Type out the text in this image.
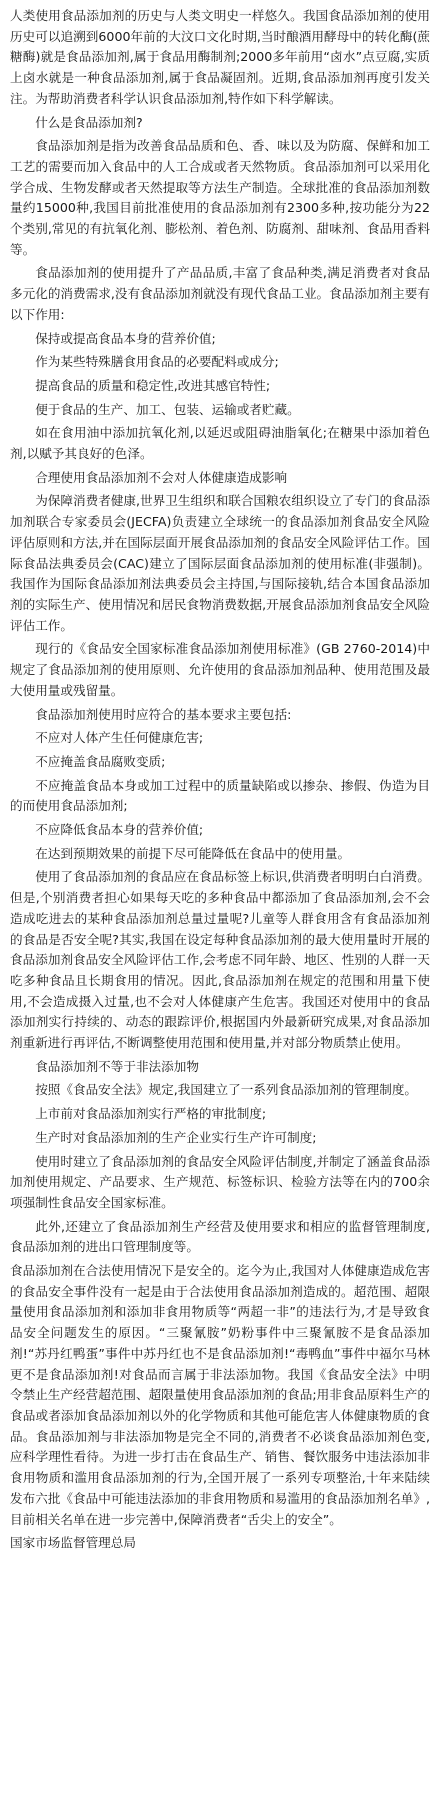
人类使用食品添加剂的历史与人类文明史一样悠久。我国食品添加剂的使用历史可以追溯到6000年前的大汶口文化时期,当时酿酒用酵母中的转化酶(蔗糖酶)就是食品添加剂,属于食品用酶制剂;2000多年前用“卤水”点豆腐,实质上卤水就是一种食品添加剂,属于食品凝固剂。近期,食品添加剂再度引发关注。为帮助消费者科学认识食品添加剂,特作如下科学解读。

什么是食品添加剂?

食品添加剂是指为改善食品品质和色、香、味以及为防腐、保鲜和加工工艺的需要而加入食品中的人工合成或者天然物质。食品添加剂可以采用化学合成、生物发酵或者天然提取等方法生产制造。全球批准的食品添加剂数量约15000种,我国目前批准使用的食品添加剂有2300多种,按功能分为22个类别,常见的有抗氧化剂、膨松剂、着色剂、防腐剂、甜味剂、食品用香料等。

食品添加剂的使用提升了产品品质,丰富了食品种类,满足消费者对食品多元化的消费需求,没有食品添加剂就没有现代食品工业。食品添加剂主要有以下作用:

保持或提高食品本身的营养价值;

作为某些特殊膳食用食品的必要配料或成分;

提高食品的质量和稳定性,改进其感官特性;

便于食品的生产、加工、包装、运输或者贮藏。

如在食用油中添加抗氧化剂,以延迟或阻碍油脂氧化;在糖果中添加着色剂,以赋予其良好的色泽。

合理使用食品添加剂不会对人体健康造成影响

为保障消费者健康,世界卫生组织和联合国粮农组织设立了专门的食品添加剂联合专家委员会(JECFA)负责建立全球统一的食品添加剂食品安全风险评估原则和方法,并在国际层面开展食品添加剂的食品安全风险评估工作。国际食品法典委员会(CAC)建立了国际层面食品添加剂的使用标准(非强制)。我国作为国际食品添加剂法典委员会主持国,与国际接轨,结合本国食品添加剂的实际生产、使用情况和居民食物消费数据,开展食品添加剂食品安全风险评估工作。

现行的《食品安全国家标准食品添加剂使用标准》(GB 2760-2014)中规定了食品添加剂的使用原则、允许使用的食品添加剂品种、使用范围及最大使用量或残留量。

食品添加剂使用时应符合的基本要求主要包括:

不应对人体产生任何健康危害;

不应掩盖食品腐败变质;

不应掩盖食品本身或加工过程中的质量缺陷或以掺杂、掺假、伪造为目的而使用食品添加剂;

不应降低食品本身的营养价值;

在达到预期效果的前提下尽可能降低在食品中的使用量。

使用了食品添加剂的食品应在食品标签上标识,供消费者明明白白消费。但是,个别消费者担心如果每天吃的多种食品中都添加了食品添加剂,会不会造成吃进去的某种食品添加剂总量过量呢?儿童等人群食用含有食品添加剂的食品是否安全呢?其实,我国在设定每种食品添加剂的最大使用量时开展的食品添加剂食品安全风险评估工作,会考虑不同年龄、地区、性别的人群一天吃多种食品且长期食用的情况。因此,食品添加剂在规定的范围和用量下使用,不会造成摄入过量,也不会对人体健康产生危害。我国还对使用中的食品添加剂实行持续的、动态的跟踪评价,根据国内外最新研究成果,对食品添加剂重新进行再评估,不断调整使用范围和使用量,并对部分物质禁止使用。

食品添加剂不等于非法添加物

按照《食品安全法》规定,我国建立了一系列食品添加剂的管理制度。

上市前对食品添加剂实行严格的审批制度;

生产时对食品添加剂的生产企业实行生产许可制度;

使用时建立了食品添加剂的食品安全风险评估制度,并制定了涵盖食品添加剂使用规定、产品要求、生产规范、标签标识、检验方法等在内的700余项强制性食品安全国家标准。

此外,还建立了食品添加剂生产经营及使用要求和相应的监督管理制度,食品添加剂的进出口管理制度等。

食品添加剂在合法使用情况下是安全的。迄今为止,我国对人体健康造成危害的食品安全事件没有一起是由于合法使用食品添加剂造成的。超范围、超限量使用食品添加剂和添加非食用物质等“两超一非”的违法行为,才是导致食品安全问题发生的原因。“三聚氰胺”奶粉事件中三聚氰胺不是食品添加剂!“苏丹红鸭蛋”事件中苏丹红也不是食品添加剂!“毒鸭血”事件中福尔马林更不是食品添加剂!对食品而言属于非法添加物。我国《食品安全法》中明令禁止生产经营超范围、超限量使用食品添加剂的食品;用非食品原料生产的食品或者添加食品添加剂以外的化学物质和其他可能危害人体健康物质的食品。食品添加剂与非法添加物是完全不同的,消费者不必谈食品添加剂色变,应科学理性看待。为进一步打击在食品生产、销售、餐饮服务中违法添加非食用物质和滥用食品添加剂的行为,全国开展了一系列专项整治,十年来陆续发布六批《食品中可能违法添加的非食用物质和易滥用的食品添加剂名单》,目前相关名单在进一步完善中,保障消费者“舌尖上的安全”。

国家市场监督管理总局
